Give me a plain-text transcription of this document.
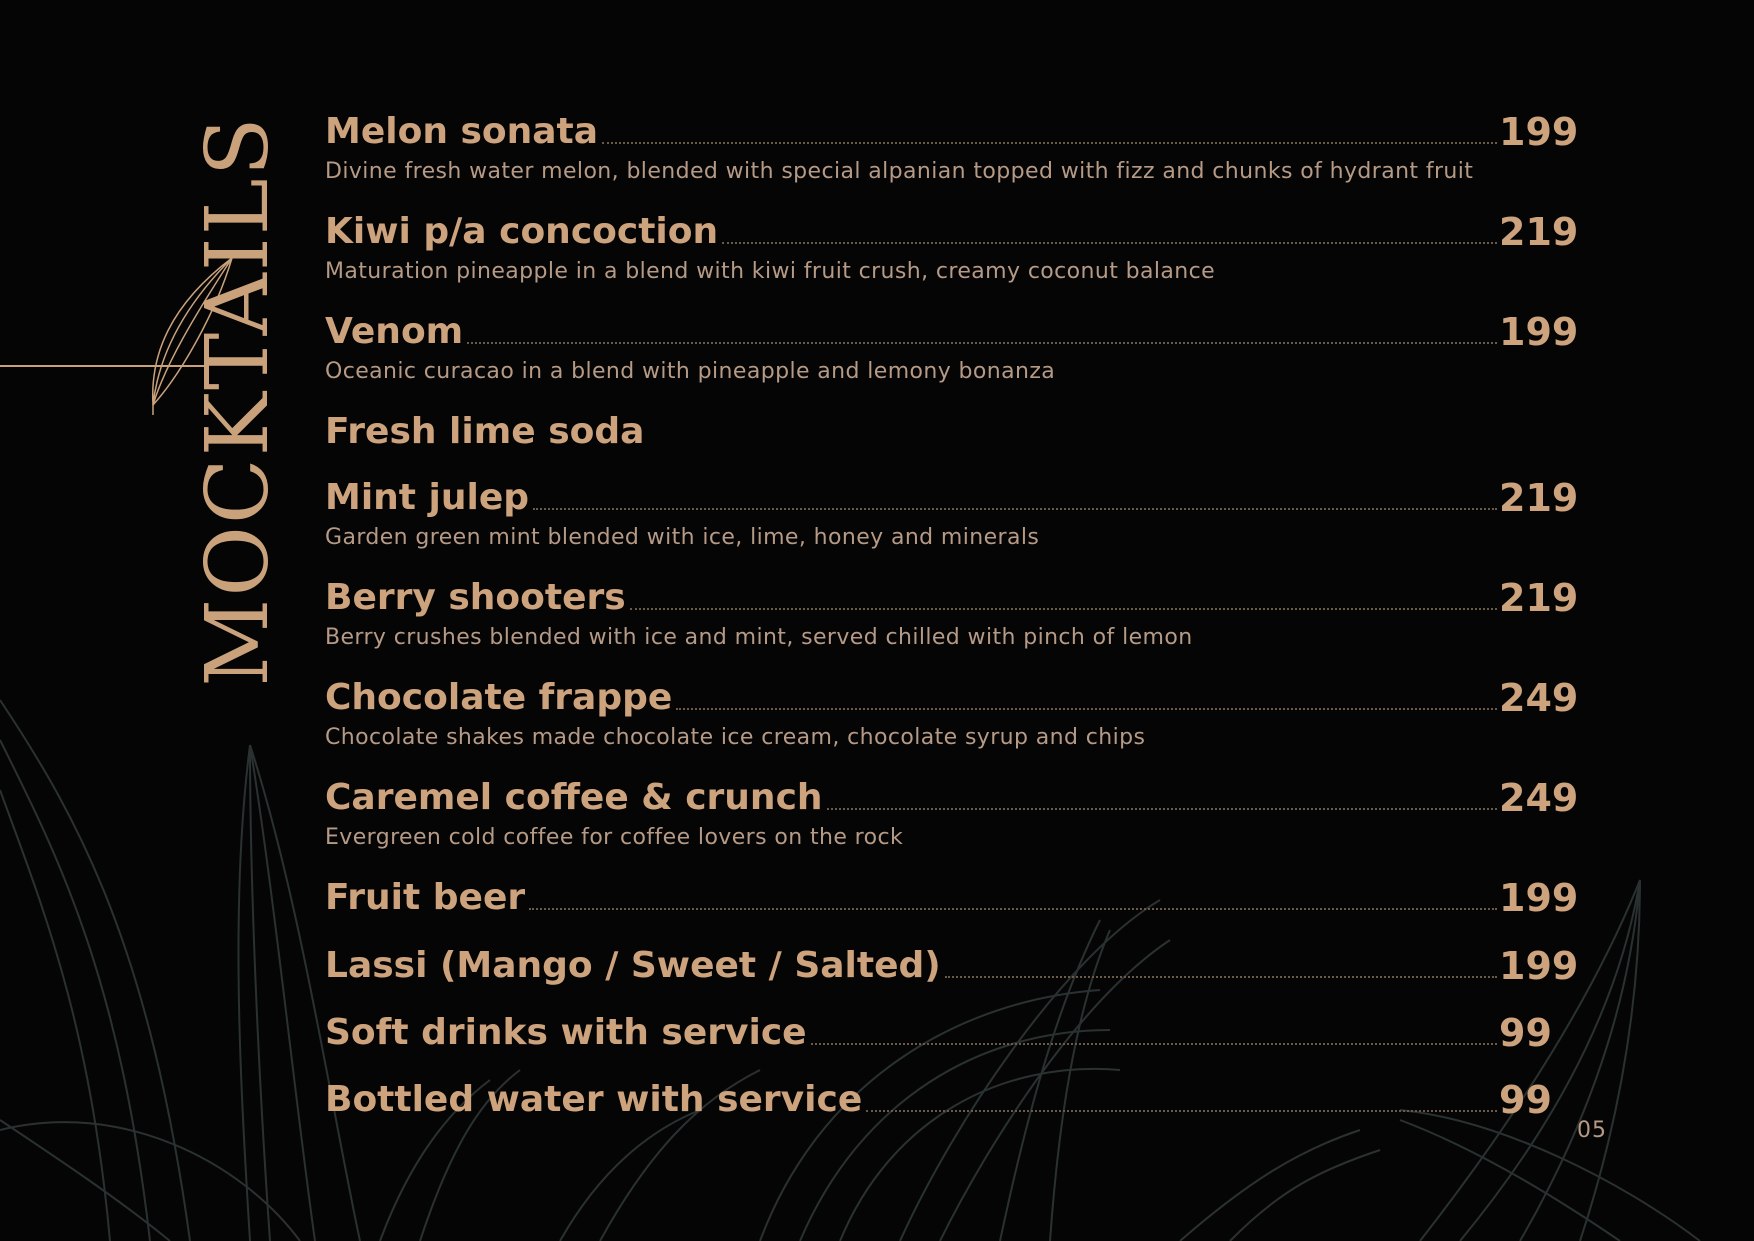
MOCKTAILS Melon sonata	199
Divine fresh water melon, blended with special alpanian topped with fizz and chunks of hydrant fruit
Kiwi p/a concoction	219
Maturation pineapple in a blend with kiwi fruit crush, creamy coconut balance
Venom	199
Oceanic curacao in a blend with pineapple and lemony bonanza
Fresh lime soda
Mint julep	219
Garden green mint blended with ice, lime, honey and minerals
Berry shooters	219
Berry crushes blended with ice and mint, served chilled with pinch of lemon
Chocolate frappe	249
Chocolate shakes made chocolate ice cream, chocolate syrup and chips
Caremel coffee & crunch	249
Evergreen cold coffee for coffee lovers on the rock
Fruit beer	199
Lassi (Mango / Sweet / Salted)	199
Soft drinks with service	99
Bottled water with service	99
05
